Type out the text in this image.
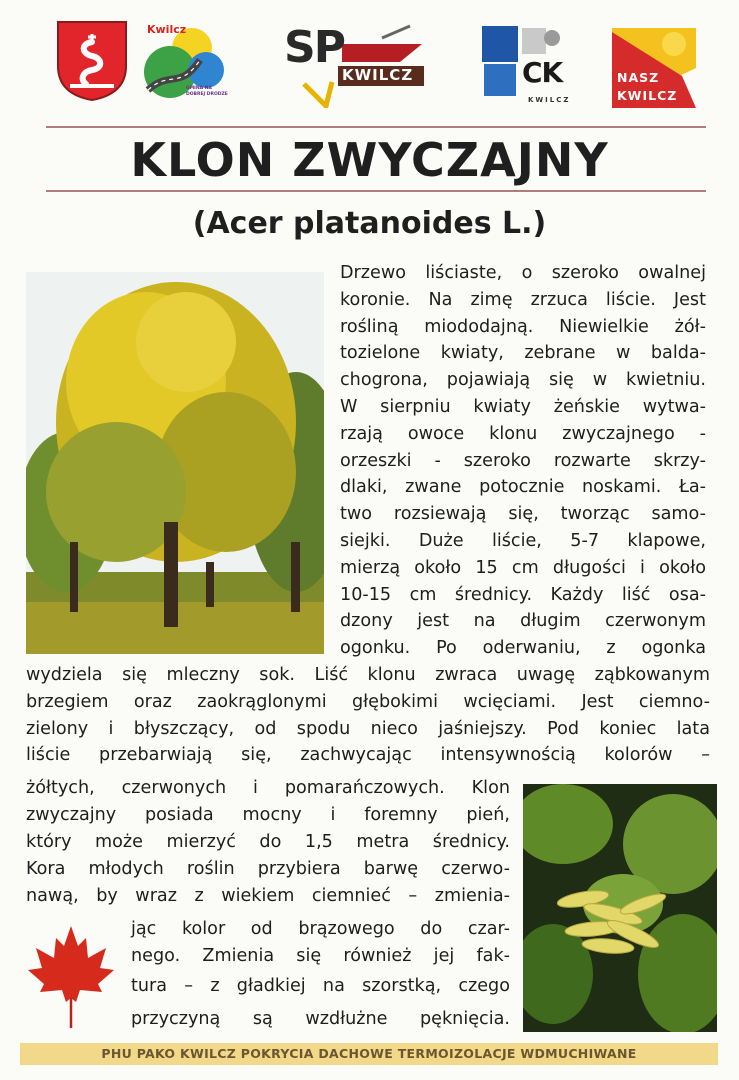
Kwilcz
GMINA NA DOBREJ DRODZE
SP
KWILCZ	CK
KWILCZ
NASZ
KWILCZ
KLON ZWYCZAJNY
(Acer platanoides L.)
Drzewo liściaste, o szeroko owalnej
koronie. Na zimę zrzuca liście. Jest
rośliną miododajną. Niewielkie żół-
tozielone kwiaty, zebrane w balda-
chogrona, pojawiają się w kwietniu.
W sierpniu kwiaty żeńskie wytwa-
rzają owoce klonu zwyczajnego -
orzeszki - szeroko rozwarte skrzy-
dlaki, zwane potocznie noskami. Ła-
two rozsiewają się, tworząc samo-
siejki. Duże liście, 5-7 klapowe,
mierzą około 15 cm długości i około
10-15 cm średnicy. Każdy liść osa-
dzony jest na długim czerwonym
ogonku. Po oderwaniu, z ogonka
wydziela się mleczny sok. Liść klonu zwraca uwagę ząbkowanym
brzegiem oraz zaokrąglonymi głębokimi wcięciami. Jest ciemno-
zielony i błyszczący, od spodu nieco jaśniejszy. Pod koniec lata
liście przebarwiają się, zachwycając intensywnością kolorów –
żółtych, czerwonych i pomarańczowych. Klon
zwyczajny posiada mocny i foremny pień,
który może mierzyć do 1,5 metra średnicy.
Kora młodych roślin przybiera barwę czerwo-
nawą, by wraz z wiekiem ciemnieć – zmienia-
jąc kolor od brązowego do czar-
nego. Zmienia się również jej fak-
tura – z gładkiej na szorstką, czego
przyczyną są wzdłużne pęknięcia.
PHU PAKO KWILCZ POKRYCIA DACHOWE TERMOIZOLACJE WDMUCHIWANE
